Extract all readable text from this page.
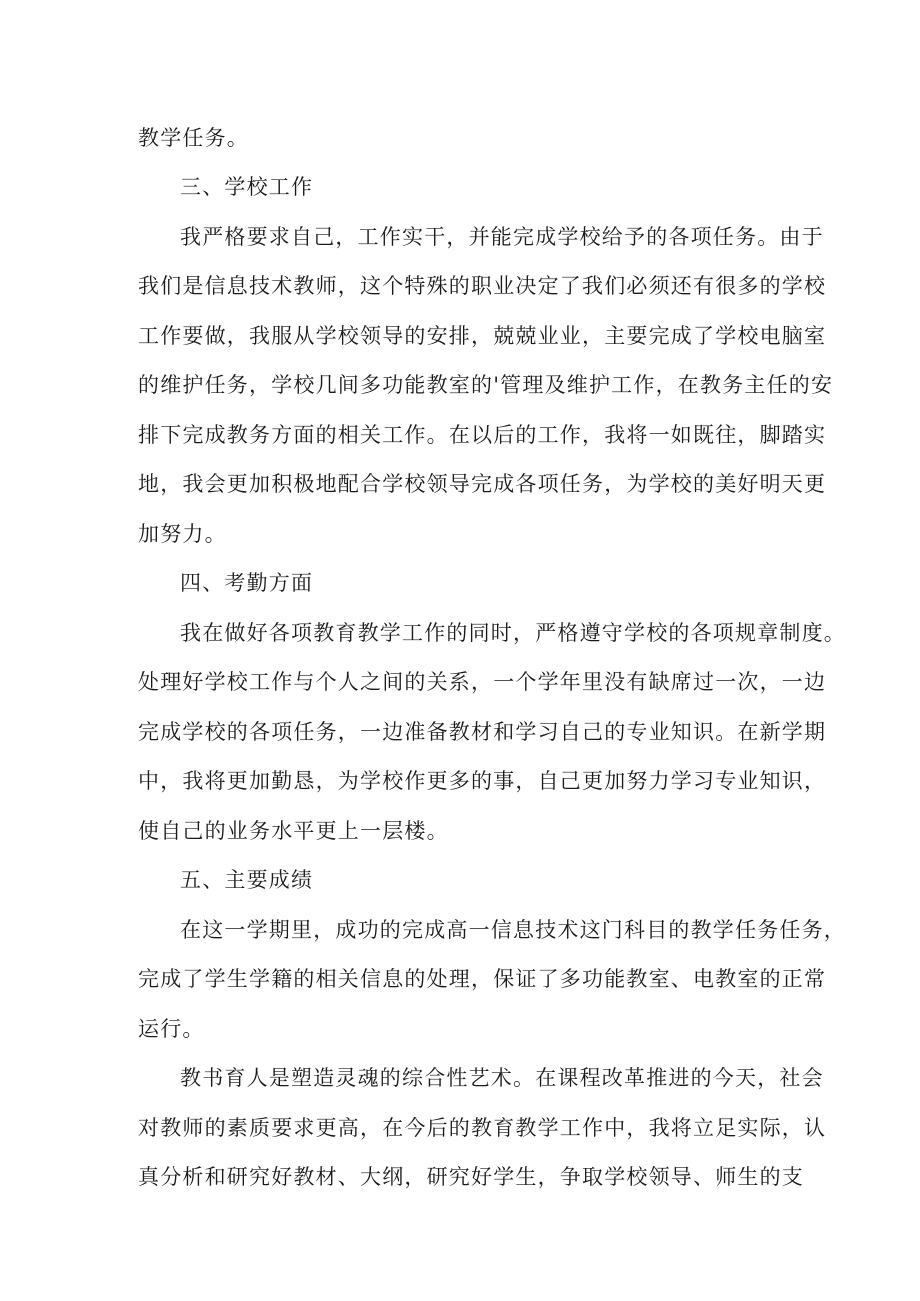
教学任务。
三、学校工作
我严格要求自己，工作实干，并能完成学校给予的各项任务。由于
我们是信息技术教师，这个特殊的职业决定了我们必须还有很多的学校
工作要做，我服从学校领导的安排，兢兢业业，主要完成了学校电脑室
的维护任务，学校几间多功能教室的'管理及维护工作，在教务主任的安
排下完成教务方面的相关工作。在以后的工作，我将一如既往，脚踏实
地，我会更加积极地配合学校领导完成各项任务，为学校的美好明天更
加努力。
四、考勤方面
我在做好各项教育教学工作的同时，严格遵守学校的各项规章制度。
处理好学校工作与个人之间的关系，一个学年里没有缺席过一次，一边
完成学校的各项任务，一边准备教材和学习自己的专业知识。在新学期
中，我将更加勤恳，为学校作更多的事，自己更加努力学习专业知识，
使自己的业务水平更上一层楼。
五、主要成绩
在这一学期里，成功的完成高一信息技术这门科目的教学任务任务，
完成了学生学籍的相关信息的处理，保证了多功能教室、电教室的正常
运行。
教书育人是塑造灵魂的综合性艺术。在课程改革推进的今天，社会
对教师的素质要求更高，在今后的教育教学工作中，我将立足实际，认
真分析和研究好教材、大纲，研究好学生，争取学校领导、师生的支
